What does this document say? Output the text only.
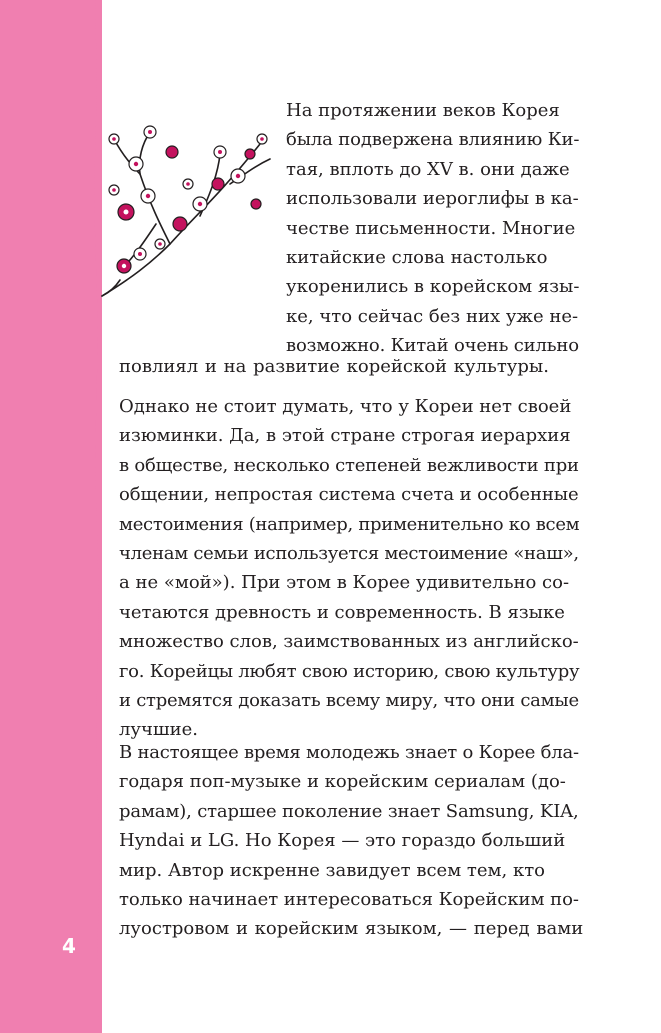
4
На протяжении веков Корея
была подвержена влиянию Ки-
тая, вплоть до XV в. они даже
использовали иероглифы в ка-
честве письменности. Многие
китайские слова настолько
укоренились в корейском язы-
ке, что сейчас без них уже не-
возможно. Китай очень сильно
повлиял и на развитие корейской культуры.
Однако не стоит думать, что у Кореи нет своей
изюминки. Да, в этой стране строгая иерархия
в обществе, несколько степеней вежливости при
общении, непростая система счета и особенные
местоимения (например, применительно ко всем
членам семьи используется местоимение «наш»,
а не «мой»). При этом в Корее удивительно со-
четаются древность и современность. В языке
множество слов, заимствованных из английско-
го. Корейцы любят свою историю, свою культуру
и стремятся доказать всему миру, что они самые
лучшие.
В настоящее время молодежь знает о Корее бла-
годаря поп-музыке и корейским сериалам (до-
рамам), старшее поколение знает Samsung, KIA,
Hyndai и LG. Но Корея — это гораздо больший
мир. Автор искренне завидует всем тем, кто
только начинает интересоваться Корейским по-
луостровом и корейским языком, — перед вами
